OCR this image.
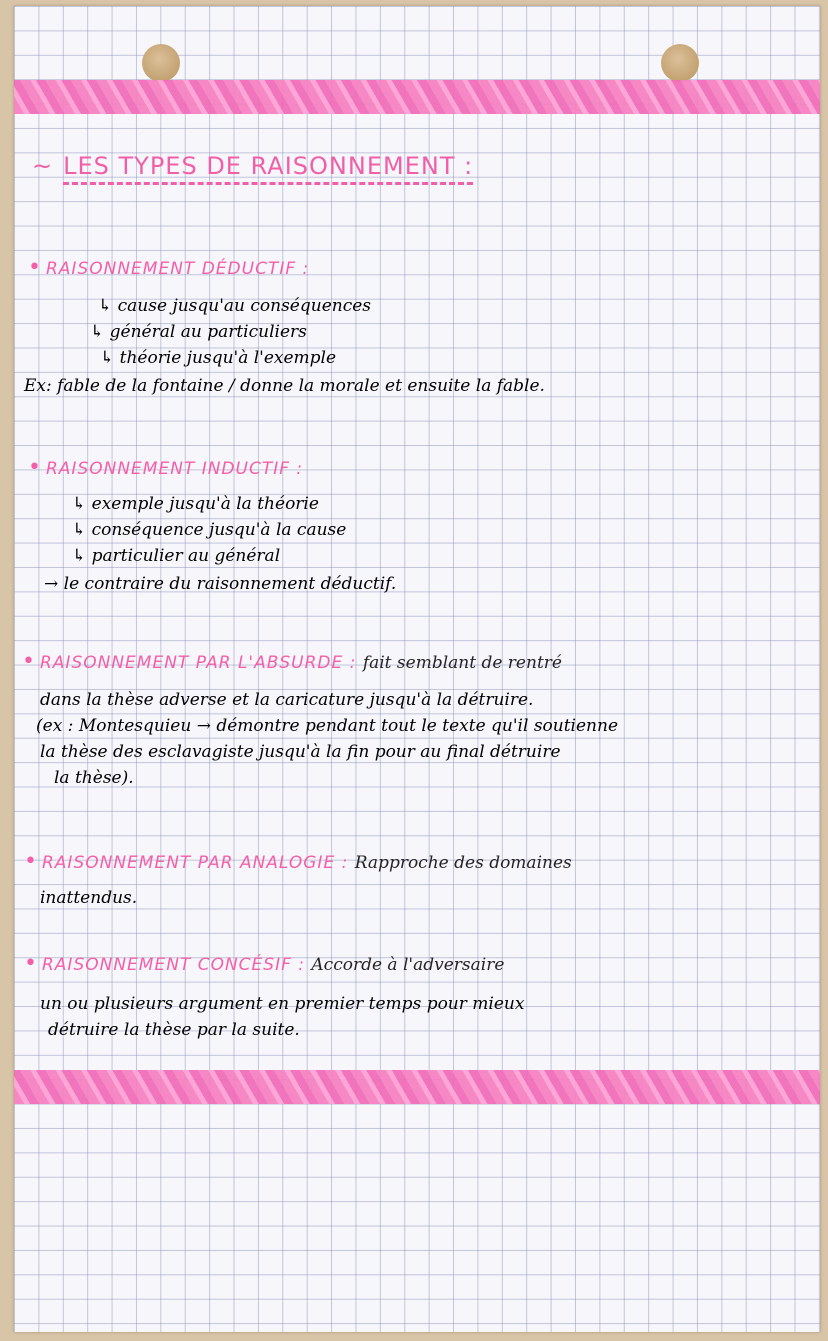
~ LES TYPES DE RAISONNEMENT :
• RAISONNEMENT DÉDUCTIF :
↳ cause jusqu'au conséquences
↳ général au particuliers
↳ théorie jusqu'à l'exemple
Ex: fable de la fontaine / donne la morale et ensuite la fable.
• RAISONNEMENT INDUCTIF :
↳ exemple jusqu'à la théorie
↳ conséquence jusqu'à la cause
↳ particulier au général
→ le contraire du raisonnement déductif.
• RAISONNEMENT PAR L'ABSURDE : fait semblant de rentré
dans la thèse adverse et la caricature jusqu'à la détruire.
(ex : Montesquieu → démontre pendant tout le texte qu'il soutienne
la thèse des esclavagiste jusqu'à la fin pour au final détruire
la thèse).
• RAISONNEMENT PAR ANALOGIE : Rapproche des domaines
inattendus.
• RAISONNEMENT CONCÉSIF : Accorde à l'adversaire
un ou plusieurs argument en premier temps pour mieux
détruire la thèse par la suite.
